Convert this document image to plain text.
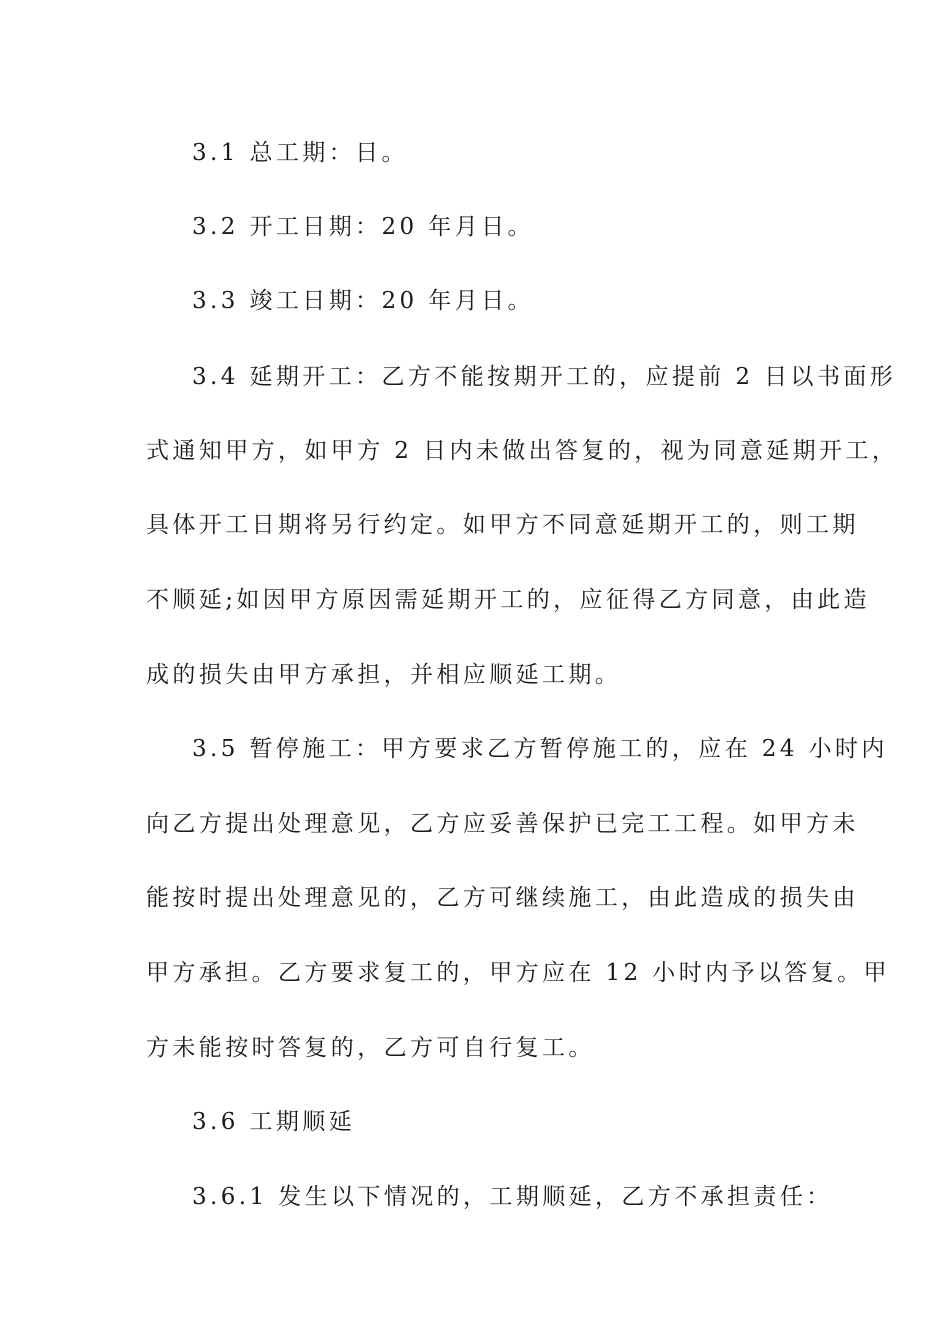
3.1 总工期：日。
3.2 开工日期：20 年月日。
3.3 竣工日期：20 年月日。
3.4 延期开工：乙方不能按期开工的，应提前 2 日以书面形
式通知甲方，如甲方 2 日内未做出答复的，视为同意延期开工，
具体开工日期将另行约定。如甲方不同意延期开工的，则工期
不顺延;如因甲方原因需延期开工的，应征得乙方同意，由此造
成的损失由甲方承担，并相应顺延工期。
3.5 暂停施工：甲方要求乙方暂停施工的，应在 24 小时内
向乙方提出处理意见，乙方应妥善保护已完工工程。如甲方未
能按时提出处理意见的，乙方可继续施工，由此造成的损失由
甲方承担。乙方要求复工的，甲方应在 12 小时内予以答复。甲
方未能按时答复的，乙方可自行复工。
3.6 工期顺延
3.6.1 发生以下情况的，工期顺延，乙方不承担责任：
